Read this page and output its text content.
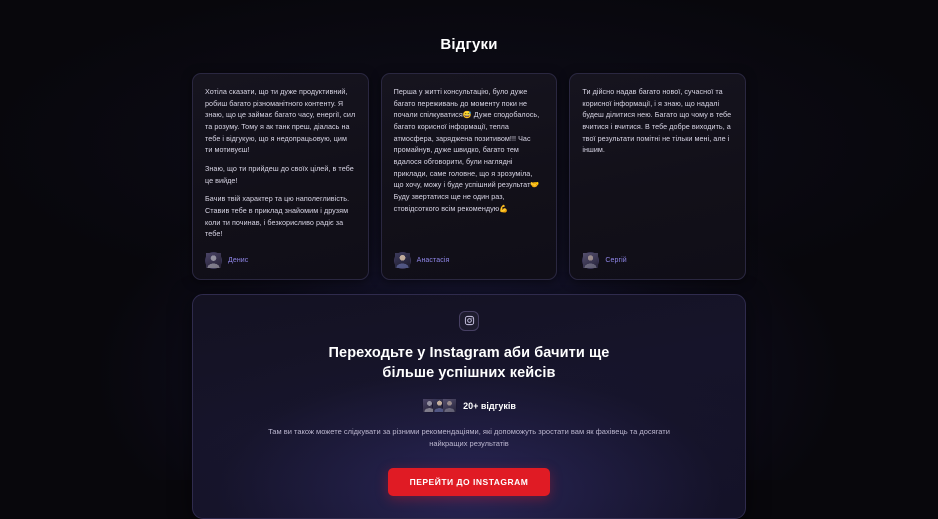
Відгуки

Хотіла сказати, що ти дуже продуктивний, робиш багато різноманітного контенту. Я знаю, що це займає багато часу, енергії, сил та розуму. Тому я ак танк преш, діалась на тебе і відгукую, що я недопрацьовую, цим ти мотивуєш!

Знаю, що ти прийдеш до своїх цілей, в тебе це вийде!

Бачив твій характер та цю наполегливість. Ставив тебе в приклад знайомим і друзям коли ти починав, і безкорисливо радіє за тебе!

Денис

Перша у житті консультацію, було дуже багато переживань до моменту поки не почали спілкуватися😅 Дуже сподобалось, багато корисної інформації, тепла атмосфера, заряджена позитивом!!! Час промайнув, дуже швидко, багато тем вдалося обговорити, були наглядні приклади, саме головне, що я зрозуміла, що хочу, можу і буде успішний результат🤝 Буду звертатися ще не один раз, стовідсоткого всім рекомендую💪

Анастасія

Ти дійсно надав багато нової, сучасної та корисної інформації, і я знаю, що надалі будеш ділитися нею. Багато що чому в тебе вчитися і вчитися. В тебе добре виходить, а твої результати помітні не тільки мені, але і іншим.

Сергій
Переходьте у Instagram аби бачити ще більше успішних кейсів
20+ відгуків

Там ви також можете слідкувати за різними рекомендаціями, які допоможуть зростати вам як фахівець та досягати найкращих результатів

ПЕРЕЙТИ ДО INSTAGRAM
